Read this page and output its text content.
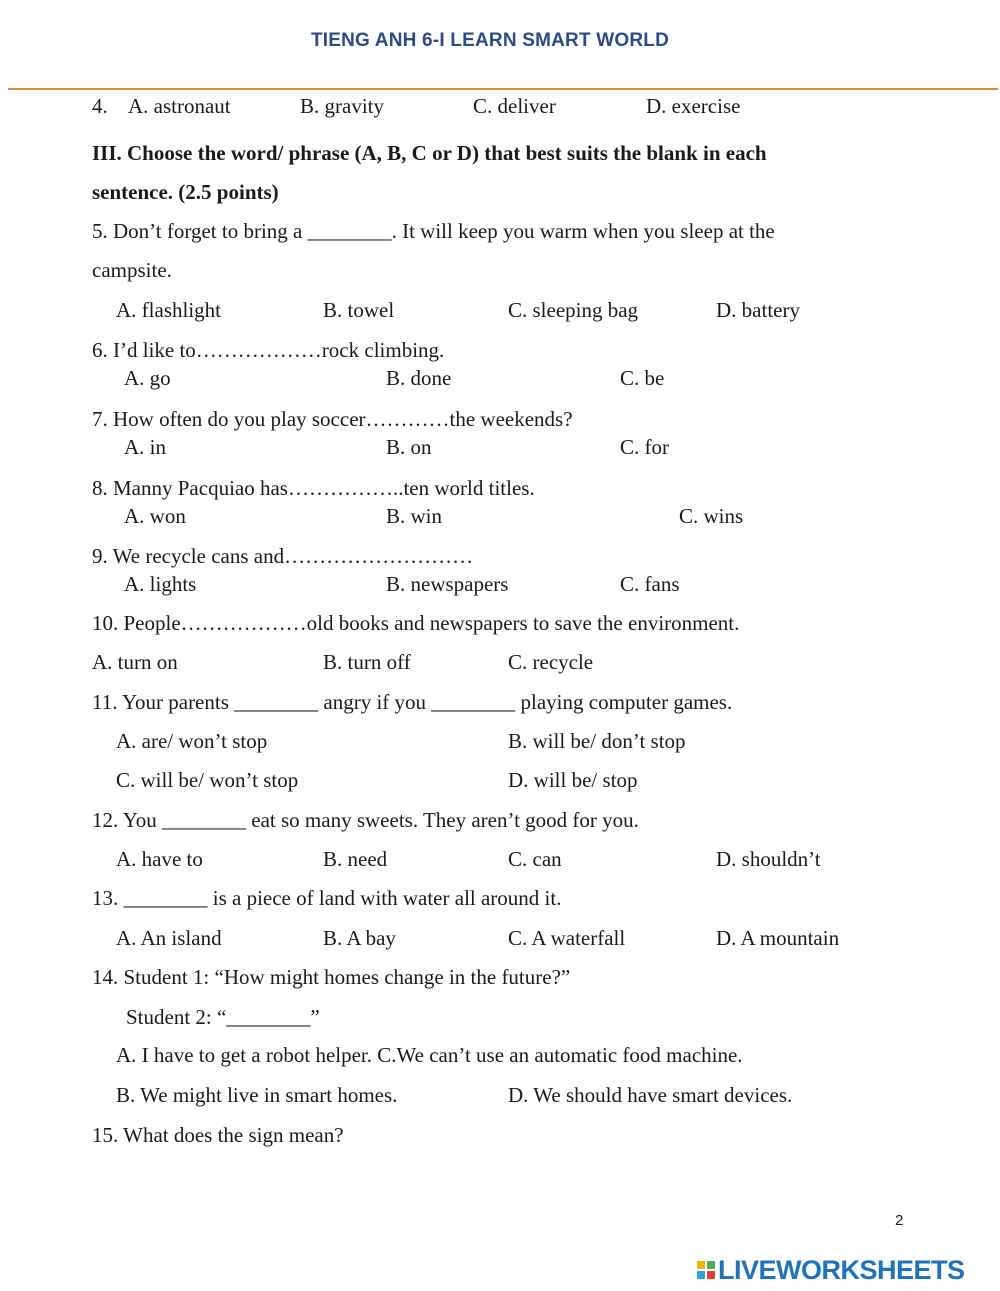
TIENG ANH 6-I LEARN SMART WORLD
4. A. astronaut	B. gravity	C. deliver	D. exercise
III. Choose the word/ phrase (A, B, C or D) that best suits the blank in each
sentence. (2.5 points)
5. Don’t forget to bring a ________. It will keep you warm when you sleep at the
campsite.
A. flashlight	B. towel	C. sleeping bag	D. battery
6. I’d like to………………rock climbing.
A. go	B. done	C. be
7. How often do you play soccer…………the weekends?
A. in	B. on	C. for
8. Manny Pacquiao has……………..ten world titles.
A. won	B. win	C. wins
9. We recycle cans and………………………
A. lights	B. newspapers	C. fans
10. People………………old books and newspapers to save the environment.
A. turn on	B. turn off	C. recycle
11. Your parents ________ angry if you ________ playing computer games.
A. are/ won’t stop	B. will be/ don’t stop
C. will be/ won’t stop	D. will be/ stop
12. You ________ eat so many sweets. They aren’t good for you.
A. have to	B. need	C. can	D. shouldn’t
13. ________ is a piece of land with water all around it.
A. An island	B. A bay	C. A waterfall	D. A mountain
14. Student 1: “How might homes change in the future?”
Student 2: “________”
A. I have to get a robot helper. C.We can’t use an automatic food machine.
B. We might live in smart homes.	D. We should have smart devices.
15. What does the sign mean?
2
LIVEWORKSHEETS
